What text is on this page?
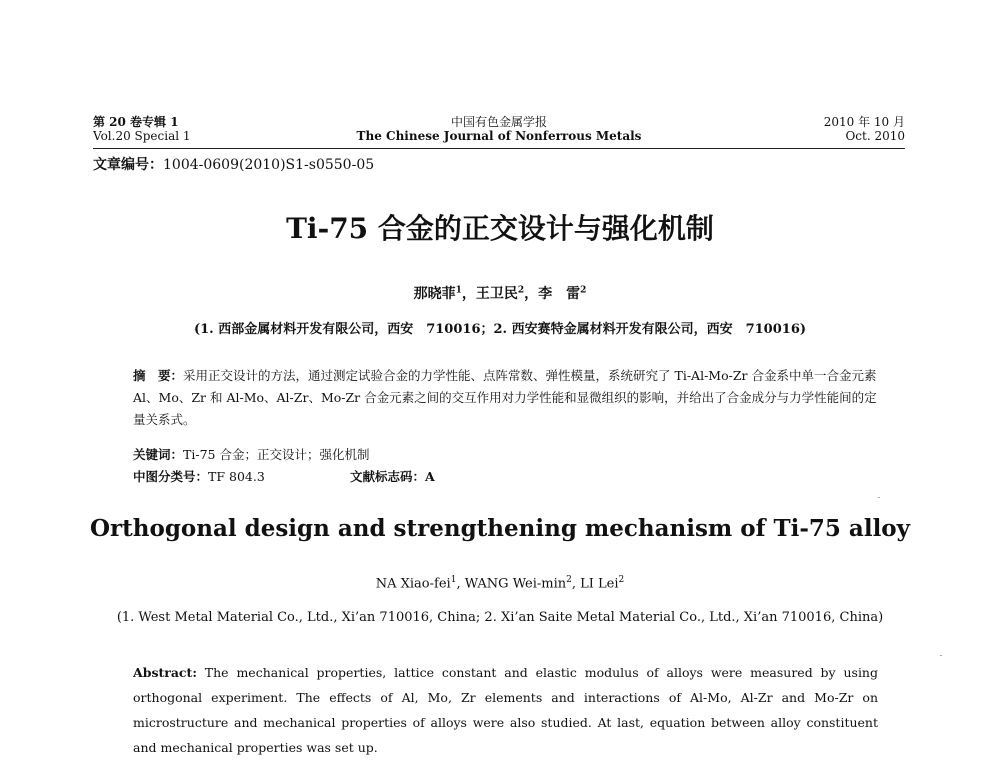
第 20 卷专辑 1	中国有色金属学报	2010 年 10 月
Vol.20 Special 1	The Chinese Journal of Nonferrous Metals	Oct. 2010
文章编号：1004-0609(2010)S1-s0550-05
Ti-75 合金的正交设计与强化机制
那晓菲$^1$，王卫民$^2$，李　雷$^2$
(1. 西部金属材料开发有限公司，西安　710016；2. 西安赛特金属材料开发有限公司，西安　710016)
摘　要：采用正交设计的方法，通过测定试验合金的力学性能、点阵常数、弹性模量，系统研究了 Ti-Al-Mo-Zr 合金系中单一合金元素 Al、Mo、Zr 和 Al-Mo、Al-Zr、Mo-Zr 合金元素之间的交互作用对力学性能和显微组织的影响，并给出了合金成分与力学性能间的定量关系式。
关键词：Ti-75 合金；正交设计；强化机制
中图分类号：TF 804.3	文献标志码：A
Orthogonal design and strengthening mechanism of Ti-75 alloy
NA Xiao-fei$^1$, WANG Wei-$\min^2$, LI Lei$^2$
(1. West Metal Material Co., Ltd., Xi’an 710016, China; 2. Xi’an Saite Metal Material Co., Ltd., Xi’an 710016, China)
Abstract: The mechanical properties, lattice constant and elastic modulus of alloys were measured by using orthogonal experiment. The effects of Al, Mo, Zr elements and interactions of Al-Mo, Al-Zr and Mo-Zr on microstructure and mechanical properties of alloys were also studied. At last, equation between alloy constituent and mechanical properties was set up.
